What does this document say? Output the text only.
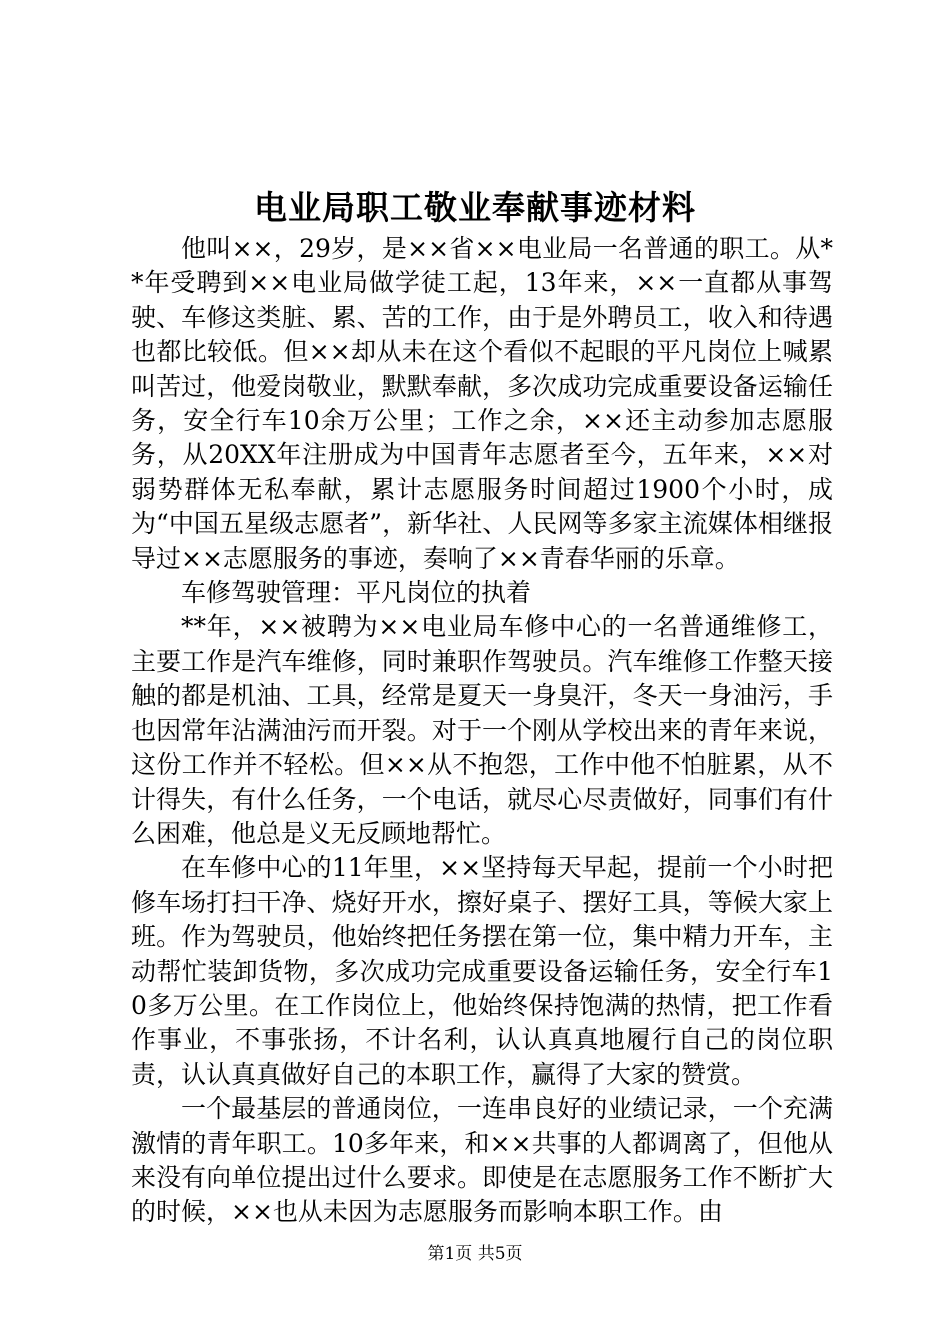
电业局职工敬业奉献事迹材料

他叫××，29岁，是××省××电业局一名普通的职工。从**年受聘到××电业局做学徒工起，13年来，××一直都从事驾驶、车修这类脏、累、苦的工作，由于是外聘员工，收入和待遇也都比较低。但××却从未在这个看似不起眼的平凡岗位上喊累叫苦过，他爱岗敬业，默默奉献，多次成功完成重要设备运输任务，安全行车10余万公里；工作之余，××还主动参加志愿服务，从20XX年注册成为中国青年志愿者至今，五年来，××对弱势群体无私奉献，累计志愿服务时间超过1900个小时，成为“中国五星级志愿者”，新华社、人民网等多家主流媒体相继报导过××志愿服务的事迹，奏响了××青春华丽的乐章。

车修驾驶管理：平凡岗位的执着

**年，××被聘为××电业局车修中心的一名普通维修工，主要工作是汽车维修，同时兼职作驾驶员。汽车维修工作整天接触的都是机油、工具，经常是夏天一身臭汗，冬天一身油污，手也因常年沾满油污而开裂。对于一个刚从学校出来的青年来说，这份工作并不轻松。但××从不抱怨，工作中他不怕脏累，从不计得失，有什么任务，一个电话，就尽心尽责做好，同事们有什么困难，他总是义无反顾地帮忙。

在车修中心的11年里，××坚持每天早起，提前一个小时把修车场打扫干净、烧好开水，擦好桌子、摆好工具，等候大家上班。作为驾驶员，他始终把任务摆在第一位，集中精力开车，主动帮忙装卸货物，多次成功完成重要设备运输任务，安全行车10多万公里。在工作岗位上，他始终保持饱满的热情，把工作看作事业，不事张扬，不计名利，认认真真地履行自己的岗位职责，认认真真做好自己的本职工作，赢得了大家的赞赏。

一个最基层的普通岗位，一连串良好的业绩记录，一个充满激情的青年职工。10多年来，和××共事的人都调离了，但他从来没有向单位提出过什么要求。即使是在志愿服务工作不断扩大的时候，××也从未因为志愿服务而影响本职工作。由

第1页 共5页
